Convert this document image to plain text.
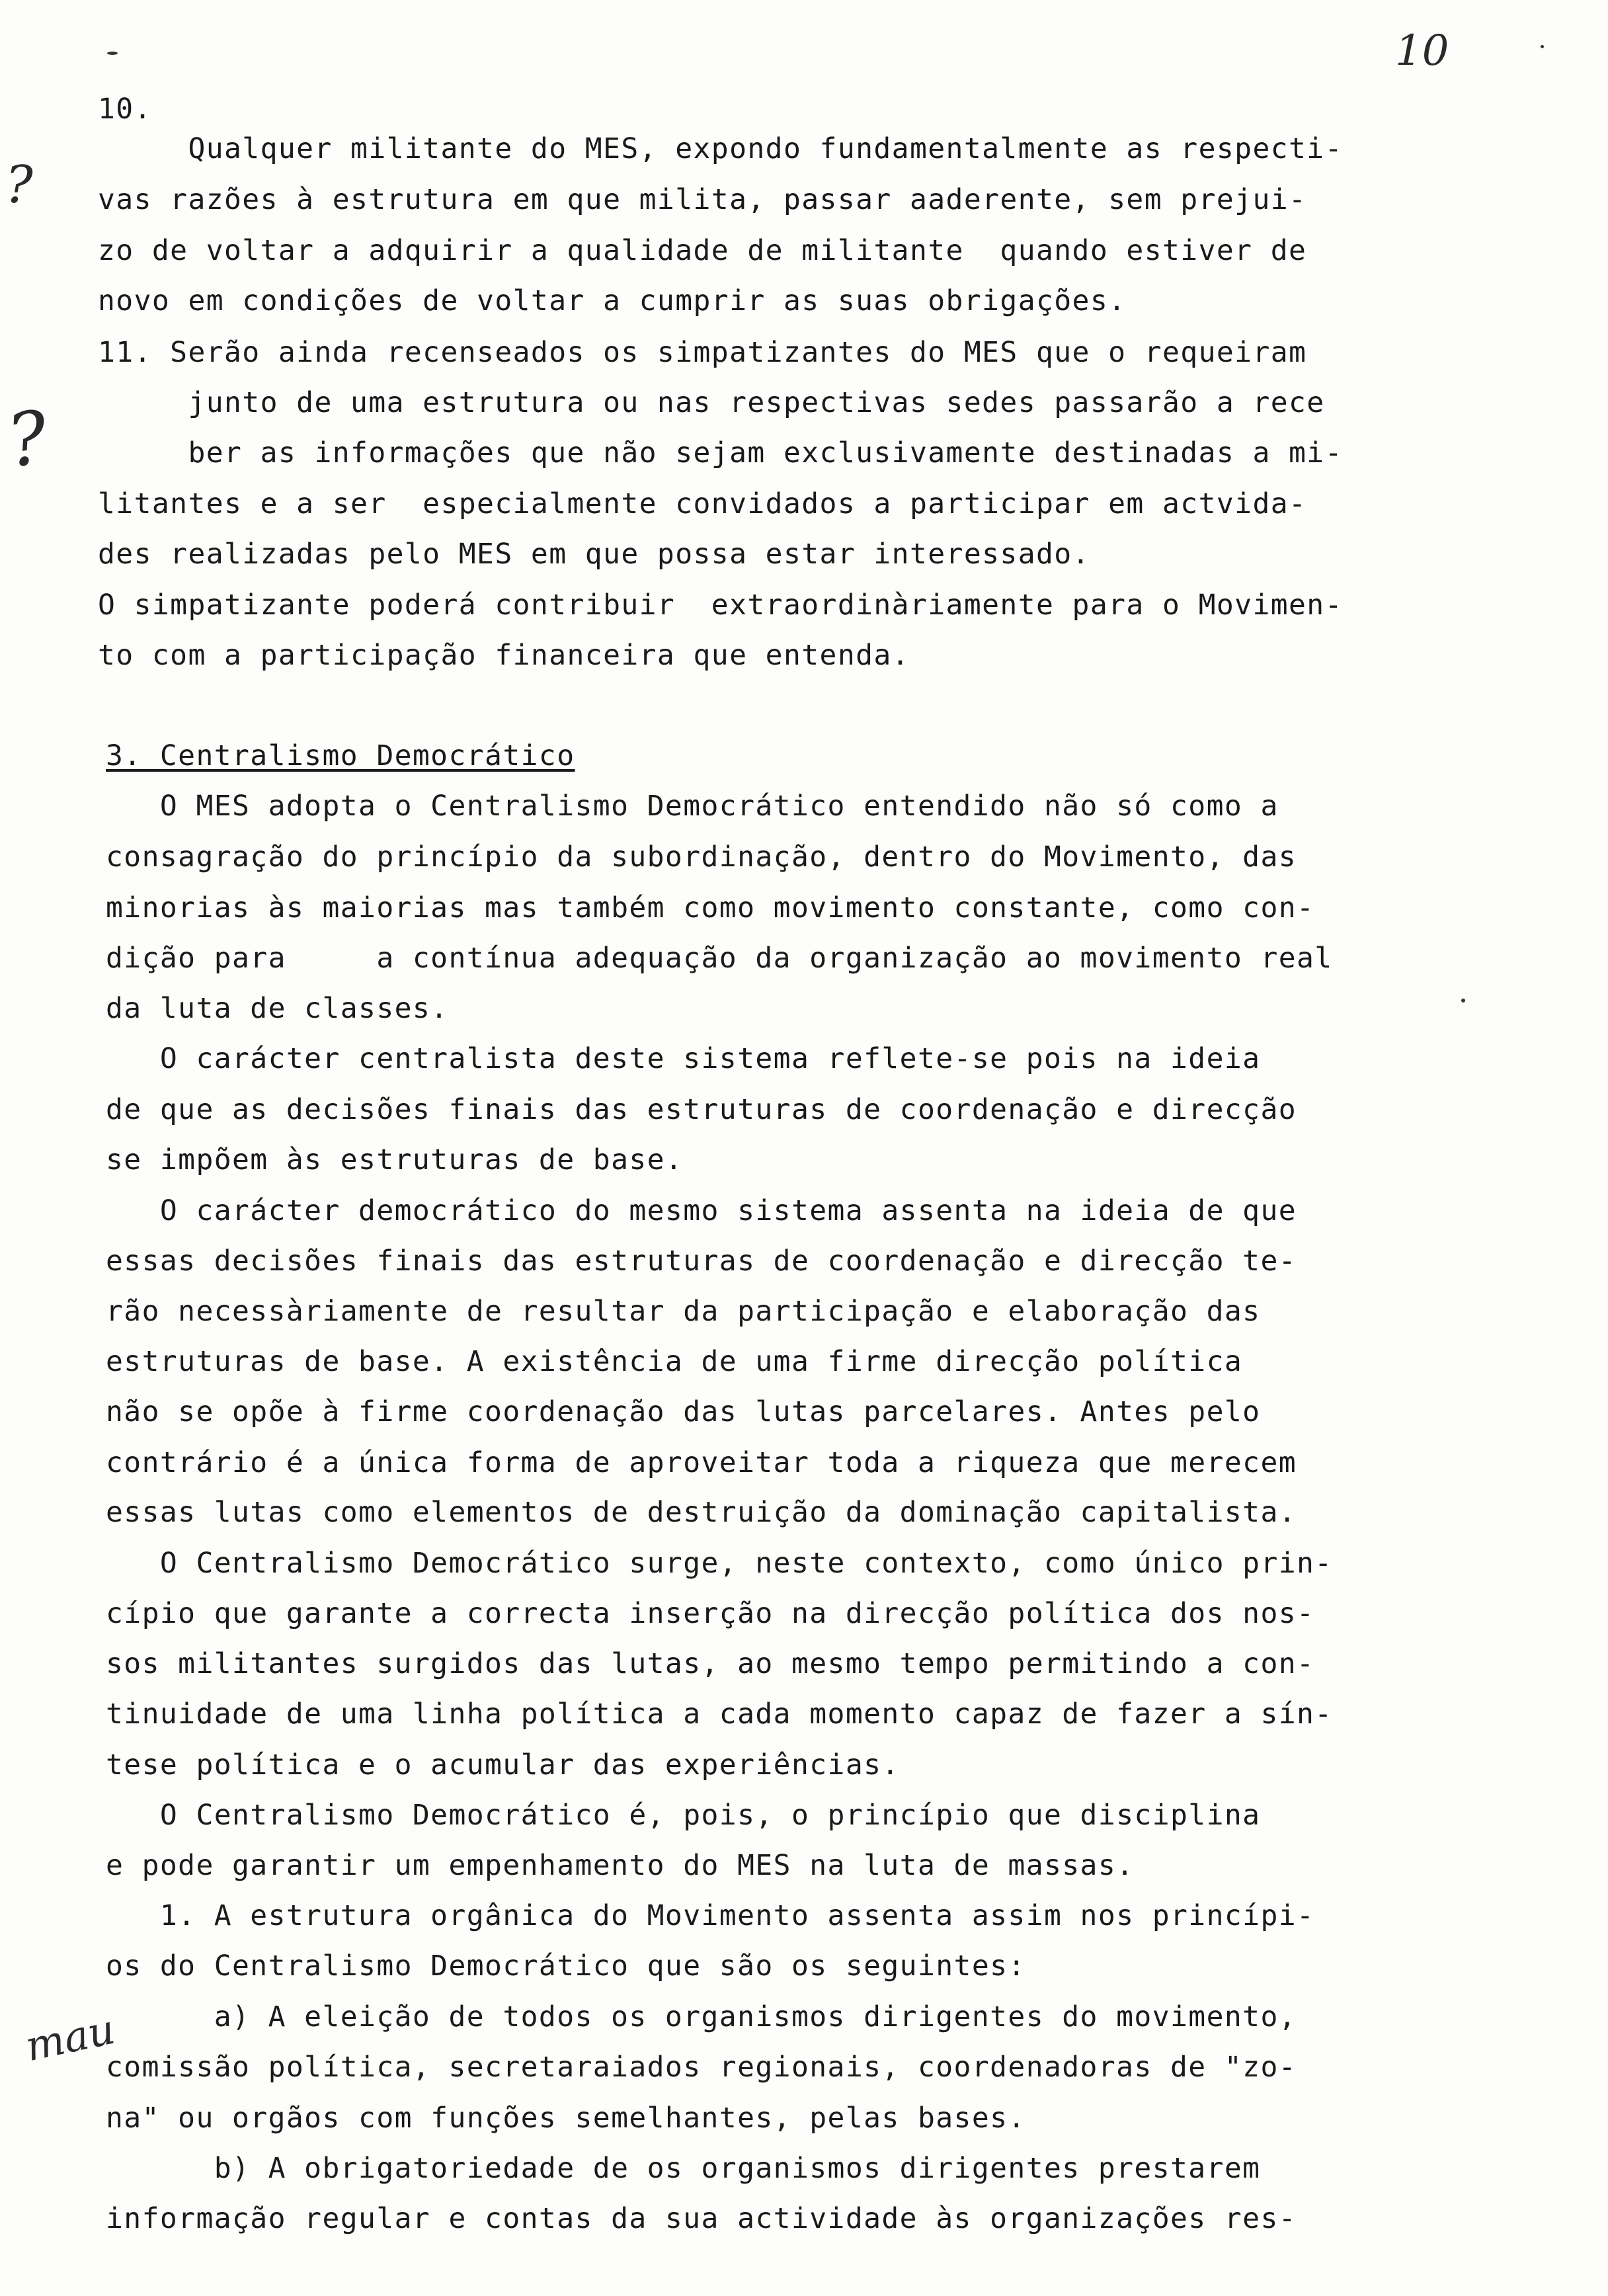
10
?
?
mau
10.
Qualquer militante do MES, expondo fundamentalmente as respecti-
vas razões à estrutura em que milita, passar aaderente, sem prejui-
zo de voltar a adquirir a qualidade de militante  quando estiver de
novo em condições de voltar a cumprir as suas obrigações.
11. Serão ainda recenseados os simpatizantes do MES que o requeiram
junto de uma estrutura ou nas respectivas sedes passarão a rece
ber as informações que não sejam exclusivamente destinadas a mi-
litantes e a ser  especialmente convidados a participar em actvida-
des realizadas pelo MES em que possa estar interessado.
O simpatizante poderá contribuir  extraordinàriamente para o Movimen-
to com a participação financeira que entenda.
3. Centralismo Democrático
O MES adopta o Centralismo Democrático entendido não só como a
consagração do princípio da subordinação, dentro do Movimento, das
minorias às maiorias mas também como movimento constante, como con-
dição para     a contínua adequação da organização ao movimento real
da luta de classes.
O carácter centralista deste sistema reflete-se pois na ideia
de que as decisões finais das estruturas de coordenação e direcção
se impõem às estruturas de base.
O carácter democrático do mesmo sistema assenta na ideia de que
essas decisões finais das estruturas de coordenação e direcção te-
rão necessàriamente de resultar da participação e elaboração das
estruturas de base. A existência de uma firme direcção política
não se opõe à firme coordenação das lutas parcelares. Antes pelo
contrário é a única forma de aproveitar toda a riqueza que merecem
essas lutas como elementos de destruição da dominação capitalista.
O Centralismo Democrático surge, neste contexto, como único prin-
cípio que garante a correcta inserção na direcção política dos nos-
sos militantes surgidos das lutas, ao mesmo tempo permitindo a con-
tinuidade de uma linha política a cada momento capaz de fazer a sín-
tese política e o acumular das experiências.
O Centralismo Democrático é, pois, o princípio que disciplina
e pode garantir um empenhamento do MES na luta de massas.
1. A estrutura orgânica do Movimento assenta assim nos princípi-
os do Centralismo Democrático que são os seguintes:
a) A eleição de todos os organismos dirigentes do movimento,
comissão política, secretaraiados regionais, coordenadoras de "zo-
na" ou orgãos com funções semelhantes, pelas bases.
b) A obrigatoriedade de os organismos dirigentes prestarem
informação regular e contas da sua actividade às organizações res-
